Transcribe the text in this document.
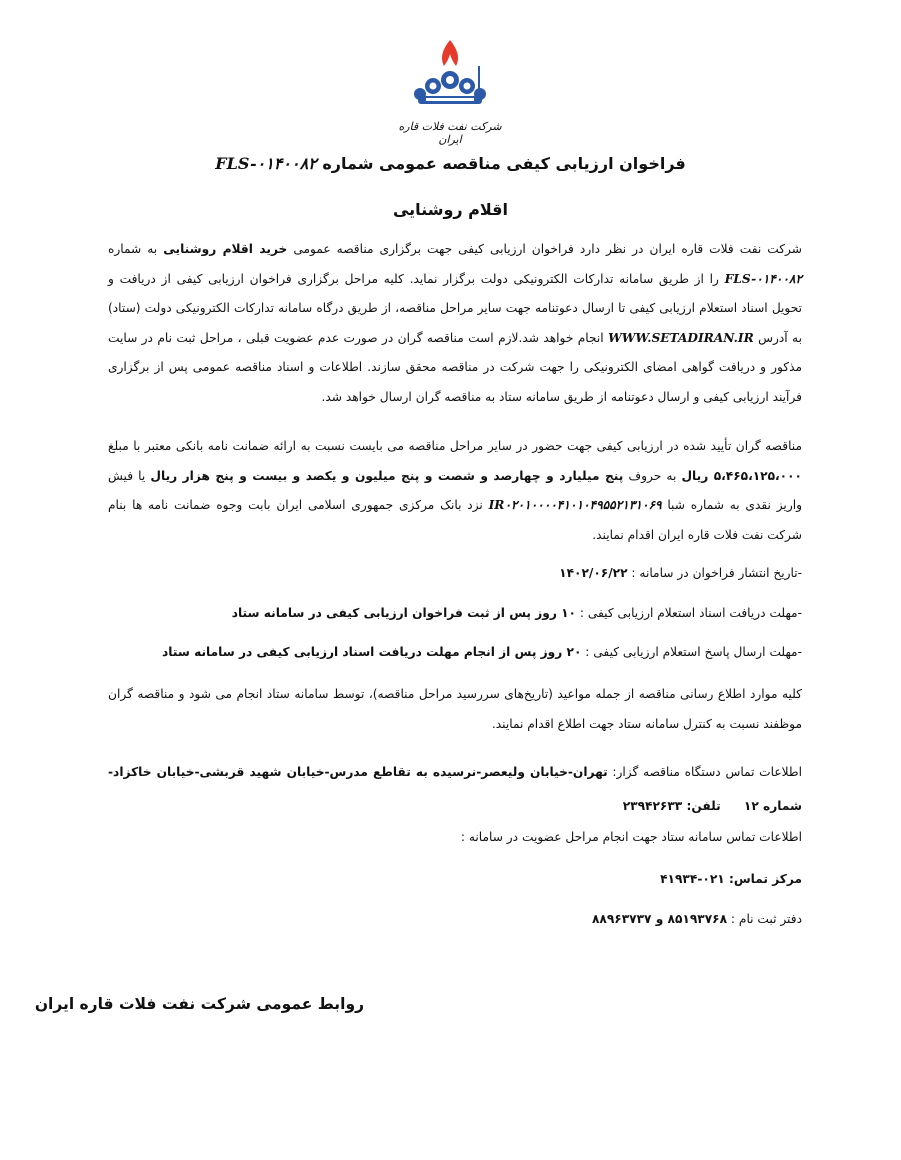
شرکت نفت فلات قاره ایران
فراخوان ارزیابی کیفی مناقصه عمومی شماره FLS-۰۱۴۰۰۸۲
اقلام روشنایی

شرکت نفت فلات قاره ایران در نظر دارد فراخوان ارزیابی کیفی جهت برگزاری مناقصه عمومی خرید اقلام روشنایی به شماره FLS-۰۱۴۰۰۸۲ را از طریق سامانه تدارکات الکترونیکی دولت برگزار نماید. کلیه مراحل برگزاری فراخوان ارزیابی کیفی از دریافت و تحویل اسناد استعلام ارزیابی کیفی تا ارسال دعوتنامه جهت سایر مراحل مناقصه، از طریق درگاه سامانه تدارکات الکترونیکی دولت (ستاد) به آدرس WWW.SETADIRAN.IR انجام خواهد شد.لازم است مناقصه گران در صورت عدم عضویت قبلی ، مراحل ثبت نام در سایت مذکور و دریافت گواهی امضای الکترونیکی را جهت شرکت در مناقصه محقق سازند. اطلاعات و اسناد مناقصه عمومی پس از برگزاری فرآیند ارزیابی کیفی و ارسال دعوتنامه از طریق سامانه ستاد به مناقصه گران ارسال خواهد شد.

مناقصه گران تأیید شده در ارزیابی کیفی جهت حضور در سایر مراحل مناقصه می بایست نسبت به ارائه ضمانت نامه بانکی معتبر با مبلغ ۵،۴۶۵،۱۲۵،۰۰۰ ریال به حروف پنج میلیارد و چهارصد و شصت و پنج میلیون و یکصد و بیست و پنج هزار ریال یا فیش واریز نقدی به شماره شبا IR۰۲۰۱۰۰۰۰۴۱۰۱۰۴۹۵۵۲۱۳۱۰۶۹ نزد بانک مرکزی جمهوری اسلامی ایران بابت وجوه ضمانت نامه ها بنام شرکت نفت فلات قاره ایران اقدام نمایند.

-تاریخ انتشار فراخوان در سامانه : ۱۴۰۲/۰۶/۲۲

-مهلت دریافت اسناد استعلام ارزیابی کیفی : ۱۰ روز پس از ثبت فراخوان ارزیابی کیفی در سامانه ستاد

-مهلت ارسال پاسخ استعلام ارزیابی کیفی : ۲۰ روز پس از انجام مهلت دریافت اسناد ارزیابی کیفی در سامانه ستاد

کلیه موارد اطلاع رسانی مناقصه از جمله مواعید (تاریخ‌های سررسید مراحل مناقصه)، توسط سامانه ستاد انجام می شود و مناقصه گران موظفند نسبت به کنترل سامانه ستاد جهت اطلاع اقدام نمایند.

اطلاعات تماس دستگاه مناقصه گزار: تهران-خیابان ولیعصر-نرسیده به تقاطع مدرس-خیابان شهید قربشی-خیابان خاکزاد-شماره ۱۲      تلفن: ۲۳۹۴۲۶۳۳

اطلاعات تماس سامانه ستاد جهت انجام مراحل عضویت در سامانه :

مرکز تماس: ۰۲۱-۴۱۹۳۴

دفتر ثبت نام : ۸۵۱۹۳۷۶۸ و ۸۸۹۶۳۷۳۷

روابط عمومی شرکت نفت فلات قاره ایران
